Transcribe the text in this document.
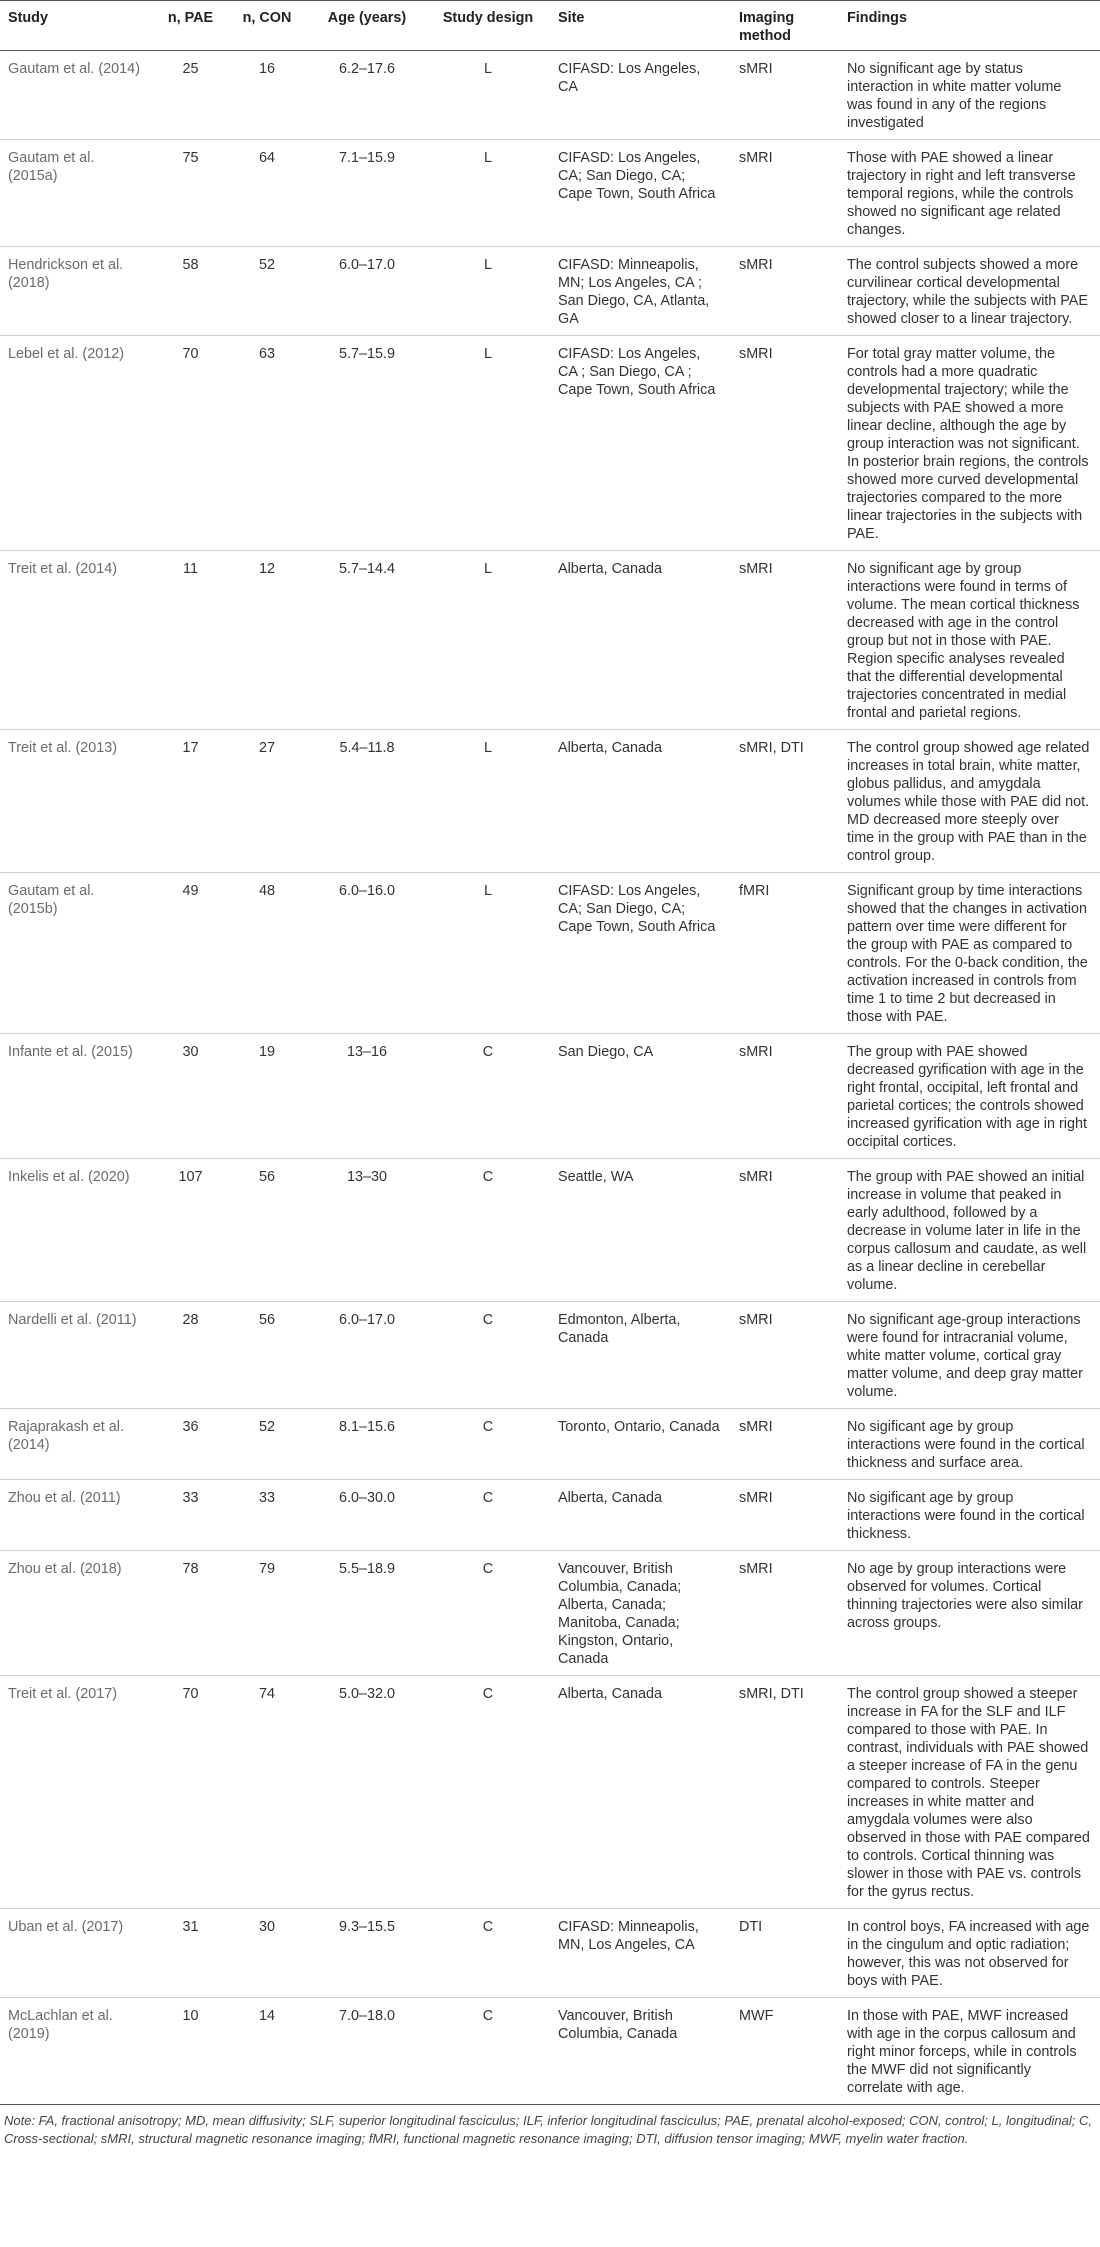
Study	n, PAE	n, CON	Age (years)	Study design	Site	Imaging method	Findings
Gautam et al. (2014)	25	16	6.2–17.6	L	CIFASD: Los Angeles, CA	sMRI	No significant age by status interaction in white matter volume was found in any of the regions investigated
Gautam et al. (2015a)	75	64	7.1–15.9	L	CIFASD: Los Angeles, CA; San Diego, CA; Cape Town, South Africa	sMRI	Those with PAE showed a linear trajectory in right and left transverse temporal regions, while the controls showed no significant age related changes.
Hendrickson et al. (2018)	58	52	6.0–17.0	L	CIFASD: Minneapolis, MN; Los Angeles, CA ; San Diego, CA, Atlanta, GA	sMRI	The control subjects showed a more curvilinear cortical developmental trajectory, while the subjects with PAE showed closer to a linear trajectory.
Lebel et al. (2012)	70	63	5.7–15.9	L	CIFASD: Los Angeles, CA ; San Diego, CA ; Cape Town, South Africa	sMRI	For total gray matter volume, the controls had a more quadratic developmental trajectory; while the subjects with PAE showed a more linear decline, although the age by group interaction was not significant. In posterior brain regions, the controls showed more curved developmental trajectories compared to the more linear trajectories in the subjects with PAE.
Treit et al. (2014)	11	12	5.7–14.4	L	Alberta, Canada	sMRI	No significant age by group interactions were found in terms of volume. The mean cortical thickness decreased with age in the control group but not in those with PAE. Region specific analyses revealed that the differential developmental trajectories concentrated in medial frontal and parietal regions.
Treit et al. (2013)	17	27	5.4–11.8	L	Alberta, Canada	sMRI, DTI	The control group showed age related increases in total brain, white matter, globus pallidus, and amygdala volumes while those with PAE did not. MD decreased more steeply over time in the group with PAE than in the control group.
Gautam et al. (2015b)	49	48	6.0–16.0	L	CIFASD: Los Angeles, CA; San Diego, CA; Cape Town, South Africa	fMRI	Significant group by time interactions showed that the changes in activation pattern over time were different for the group with PAE as compared to controls. For the 0-back condition, the activation increased in controls from time 1 to time 2 but decreased in those with PAE.
Infante et al. (2015)	30	19	13–16	C	San Diego, CA	sMRI	The group with PAE showed decreased gyrification with age in the right frontal, occipital, left frontal and parietal cortices; the controls showed increased gyrification with age in right occipital cortices.
Inkelis et al. (2020)	107	56	13–30	C	Seattle, WA	sMRI	The group with PAE showed an initial increase in volume that peaked in early adulthood, followed by a decrease in volume later in life in the corpus callosum and caudate, as well as a linear decline in cerebellar volume.
Nardelli et al. (2011)	28	56	6.0–17.0	C	Edmonton, Alberta, Canada	sMRI	No significant age-group interactions were found for intracranial volume, white matter volume, cortical gray matter volume, and deep gray matter volume.
Rajaprakash et al. (2014)	36	52	8.1–15.6	C	Toronto, Ontario, Canada	sMRI	No sigificant age by group interactions were found in the cortical thickness and surface area.
Zhou et al. (2011)	33	33	6.0–30.0	C	Alberta, Canada	sMRI	No sigificant age by group interactions were found in the cortical thickness.
Zhou et al. (2018)	78	79	5.5–18.9	C	Vancouver, British Columbia, Canada; Alberta, Canada; Manitoba, Canada; Kingston, Ontario, Canada	sMRI	No age by group interactions were observed for volumes. Cortical thinning trajectories were also similar across groups.
Treit et al. (2017)	70	74	5.0–32.0	C	Alberta, Canada	sMRI, DTI	The control group showed a steeper increase in FA for the SLF and ILF compared to those with PAE. In contrast, individuals with PAE showed a steeper increase of FA in the genu compared to controls. Steeper increases in white matter and amygdala volumes were also observed in those with PAE compared to controls. Cortical thinning was slower in those with PAE vs. controls for the gyrus rectus.
Uban et al. (2017)	31	30	9.3–15.5	C	CIFASD: Minneapolis, MN, Los Angeles, CA	DTI	In control boys, FA increased with age in the cingulum and optic radiation; however, this was not observed for boys with PAE.
McLachlan et al. (2019)	10	14	7.0–18.0	C	Vancouver, British Columbia, Canada	MWF	In those with PAE, MWF increased with age in the corpus callosum and right minor forceps, while in controls the MWF did not significantly correlate with age.

Note: FA, fractional anisotropy; MD, mean diffusivity; SLF, superior longitudinal fasciculus; ILF, inferior longitudinal fasciculus; PAE, prenatal alcohol-exposed; CON, control; L, longitudinal; C, Cross-sectional; sMRI, structural magnetic resonance imaging; fMRI, functional magnetic resonance imaging; DTI, diffusion tensor imaging; MWF, myelin water fraction.
